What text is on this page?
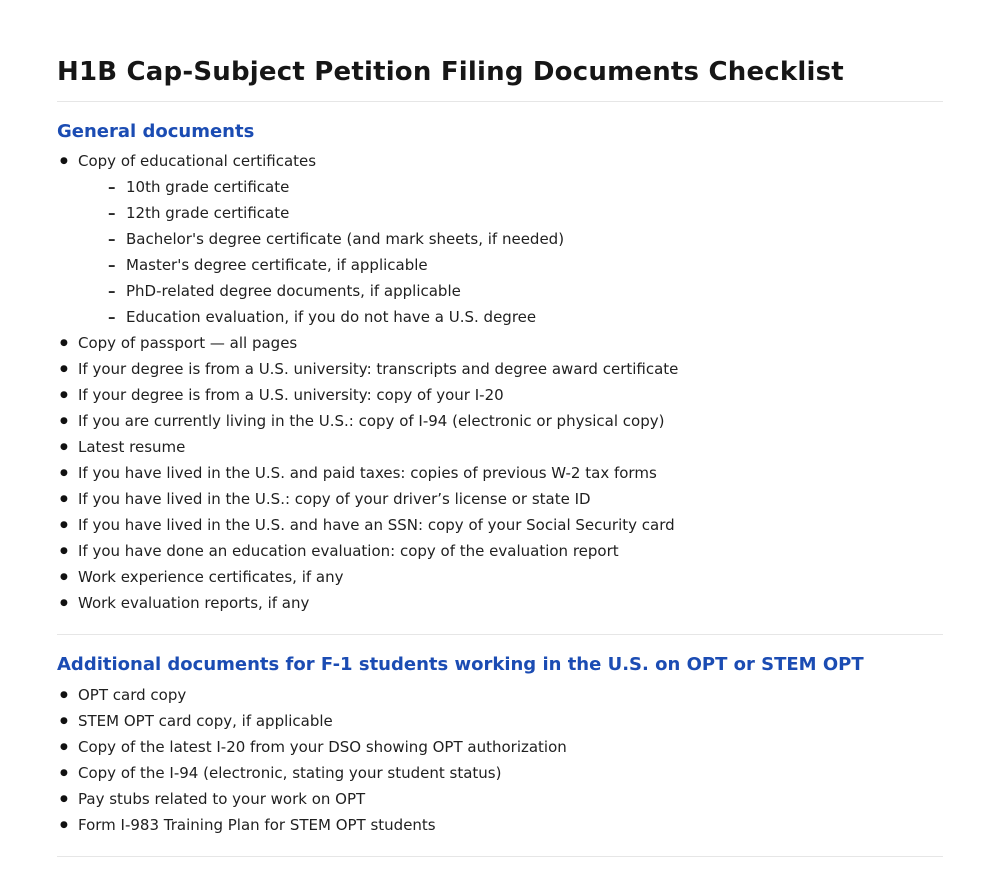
H1B Cap-Subject Petition Filing Documents Checklist
General documents
● Copy of educational certificates
– 10th grade certificate
– 12th grade certificate
– Bachelor's degree certificate (and mark sheets, if needed)
– Master's degree certificate, if applicable
– PhD-related degree documents, if applicable
– Education evaluation, if you do not have a U.S. degree
● Copy of passport — all pages
● If your degree is from a U.S. university: transcripts and degree award certificate
● If your degree is from a U.S. university: copy of your I-20
● If you are currently living in the U.S.: copy of I-94 (electronic or physical copy)
● Latest resume
● If you have lived in the U.S. and paid taxes: copies of previous W-2 tax forms
● If you have lived in the U.S.: copy of your driver’s license or state ID
● If you have lived in the U.S. and have an SSN: copy of your Social Security card
● If you have done an education evaluation: copy of the evaluation report
● Work experience certificates, if any
● Work evaluation reports, if any
Additional documents for F-1 students working in the U.S. on OPT or STEM OPT
● OPT card copy
● STEM OPT card copy, if applicable
● Copy of the latest I-20 from your DSO showing OPT authorization
● Copy of the I-94 (electronic, stating your student status)
● Pay stubs related to your work on OPT
● Form I-983 Training Plan for STEM OPT students
